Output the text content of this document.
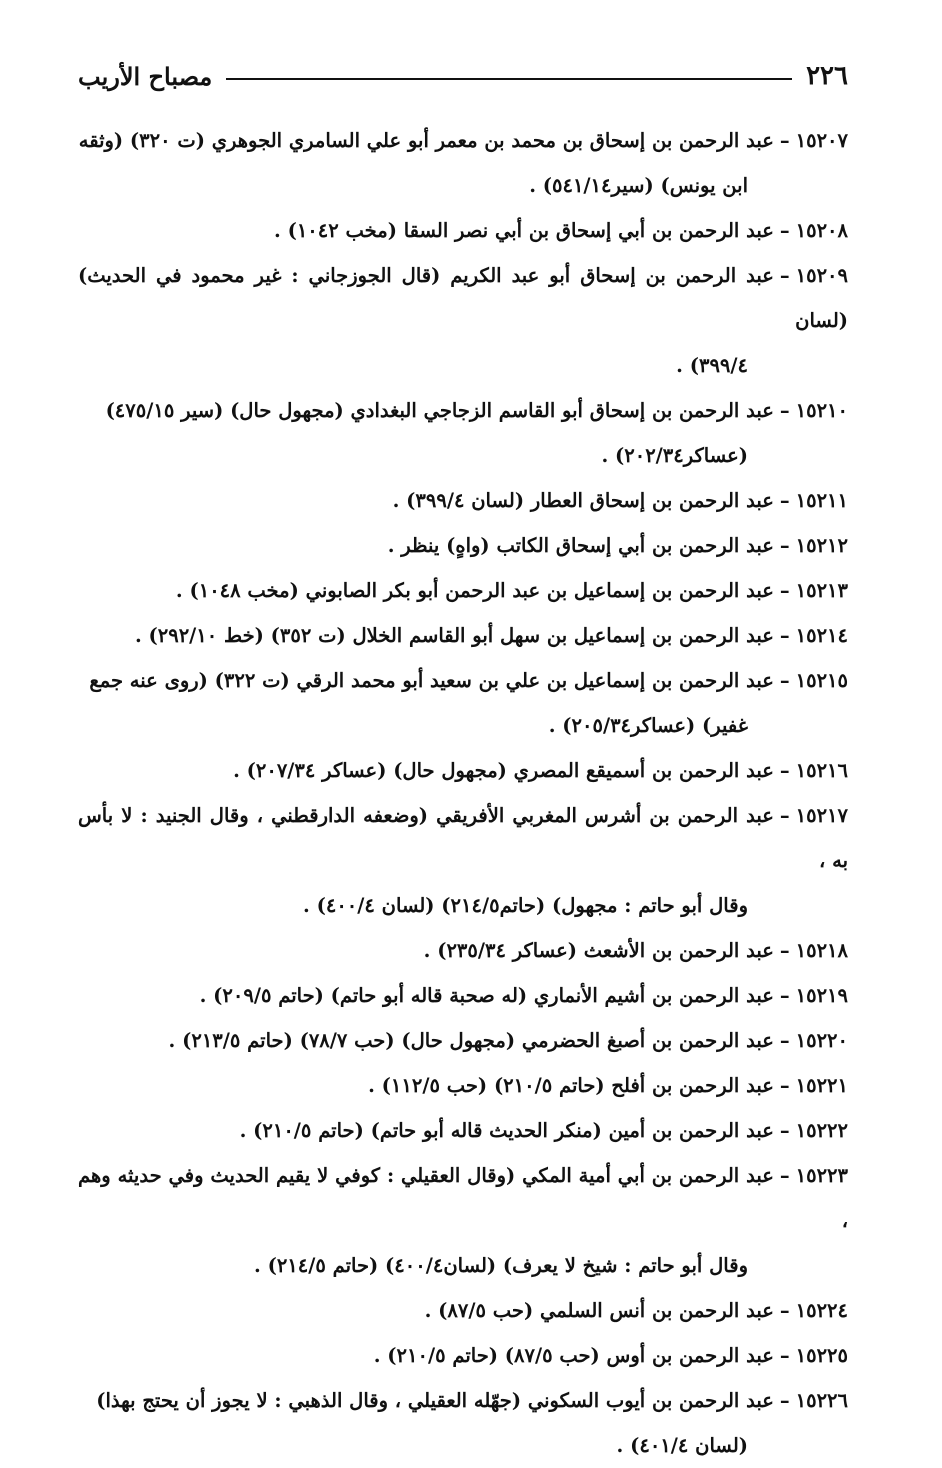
٢٢٦
مصباح الأريب
١٥٢٠٧–عبد الرحمن بن إسحاق بن محمد بن معمر أبو علي السامري الجوهري (ت ٣٢٠) (وثقه
ابن يونس) (سير٥٤١/١٤) .
١٥٢٠٨–عبد الرحمن بن أبي إسحاق بن أبي نصر السقا (مخب ١٠٤٢) .
١٥٢٠٩–عبد الرحمن بن إسحاق أبو عبد الكريم (قال الجوزجاني : غير محمود في الحديث) (لسان
٣٩٩/٤) .
١٥٢١٠–عبد الرحمن بن إسحاق أبو القاسم الزجاجي البغدادي (مجهول حال) (سير ٤٧٥/١٥)
(عساكر٢٠٢/٣٤) .
١٥٢١١–عبد الرحمن بن إسحاق العطار (لسان ٣٩٩/٤) .
١٥٢١٢–عبد الرحمن بن أبي إسحاق الكاتب (واهٍ) ينظر .
١٥٢١٣–عبد الرحمن بن إسماعيل بن عبد الرحمن أبو بكر الصابوني (مخب ١٠٤٨) .
١٥٢١٤–عبد الرحمن بن إسماعيل بن سهل أبو القاسم الخلال (ت ٣٥٢) (خط ٢٩٢/١٠) .
١٥٢١٥–عبد الرحمن بن إسماعيل بن علي بن سعيد أبو محمد الرقي (ت ٣٢٢) (روى عنه جمع
غفير) (عساكر٢٠٥/٣٤) .
١٥٢١٦–عبد الرحمن بن أسميقع المصري (مجهول حال) (عساكر ٢٠٧/٣٤) .
١٥٢١٧–عبد الرحمن بن أشرس المغربي الأفريقي (وضعفه الدارقطني ، وقال الجنيد : لا بأس به ،
وقال أبو حاتم : مجهول) (حاتم٢١٤/٥) (لسان ٤٠٠/٤) .
١٥٢١٨–عبد الرحمن بن الأشعث (عساكر ٢٣٥/٣٤) .
١٥٢١٩–عبد الرحمن بن أشيم الأنماري (له صحبة قاله أبو حاتم) (حاتم ٢٠٩/٥) .
١٥٢٢٠–عبد الرحمن بن أصبغ الحضرمي (مجهول حال) (حب ٧٨/٧) (حاتم ٢١٣/٥) .
١٥٢٢١–عبد الرحمن بن أفلح (حاتم ٢١٠/٥) (حب ١١٢/٥) .
١٥٢٢٢–عبد الرحمن بن أمين (منكر الحديث قاله أبو حاتم) (حاتم ٢١٠/٥) .
١٥٢٢٣–عبد الرحمن بن أبي أمية المكي (وقال العقيلي : كوفي لا يقيم الحديث وفي حديثه وهم ،
وقال أبو حاتم : شيخ لا يعرف) (لسان٤٠٠/٤) (حاتم ٢١٤/٥) .
١٥٢٢٤–عبد الرحمن بن أنس السلمي (حب ٨٧/٥) .
١٥٢٢٥–عبد الرحمن بن أوس (حب ٨٧/٥) (حاتم ٢١٠/٥) .
١٥٢٢٦–عبد الرحمن بن أيوب السكوني (جهّله العقيلي ، وقال الذهبي : لا يجوز أن يحتج بهذا)
(لسان ٤٠١/٤) .
